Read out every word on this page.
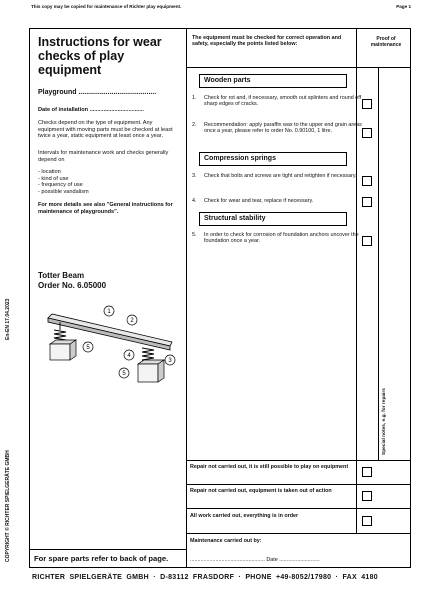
This copy may be copied for maintenance of Richter play equipment.	Page 1
En-EN 17.04.2023
COPYRIGHT © RICHTER SPIELGERÄTE GMBH
Instructions for wear checks of play equipment
Playground ........................................
Date of installation ...................................
Checks depend on the type of equipment. Any equipment with moving parts must be checked at least twice a year, static equipment at least once a year.
Intervals for maintenance work and checks generally depend on
- location
- kind of use
- frequency of use
- possible vandalism
For more details see also "General instructions for maintenance of playgrounds".
Totter Beam
Order No. 6.05000
1
2
3
4
5
5
For spare parts refer to back of page.
The equipment must be checked for correct operation and safety, especially the points listed below:
Proof of maintenance
Wooden parts
1. Check for rot and, if necessary, smooth out splinters and round off sharp edges of cracks.
2. Recommendation: apply paraffin wax to the upper end grain areas once a year, please refer to order No. 0.90100, 1 litre.
Compression springs
3. Check that bolts and screws are tight and retighten if necessary.
4. Check for wear and tear, replace if necessary.
Structural stability
5. In order to check for corrosion of foundation anchors uncover the foundation once a year.
Special notes, e.g. for repairs
Repair not carried out, it is still possible to play on equipment
Repair not carried out, equipment is taken out of action
All work carried out, everything is in order
Maintenance carried out by:
.................................................. Date ...........................
RICHTER SPIELGERÄTE GMBH · D-83112 FRASDORF · PHONE +49-8052/17980 · FAX 4180
